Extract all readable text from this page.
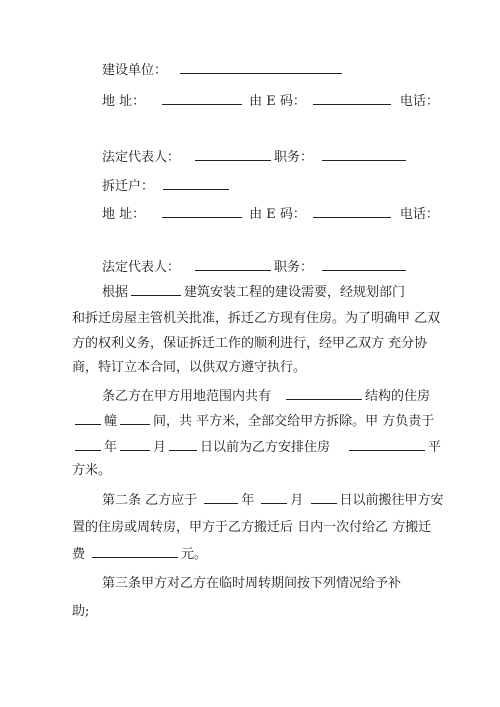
建设单位：
地 址：	由 E 码：	电话：
法定代表人：	职务：
拆迁户：
地 址：	由 E 码：	电话：
法定代表人：	职务：
根据	建筑安装工程的建设需要，经规划部门
和拆迁房屋主管机关批准，拆迁乙方现有住房。为了明确甲 乙双
方的权利义务，保证拆迁工作的顺利进行，经甲乙双方 充分协
商，特订立本合同，以供双方遵守执行。
条乙方在甲方用地范围内共有	结构的住房
幢	间，共 平方米，全部交给甲方拆除。甲 方负责于
年	月	日以前为乙方安排住房	平
方米。
第二条 乙方应于	年 月 日以前搬往甲方安
置的住房或周转房，甲方于乙方搬迁后 日内一次付给乙 方搬迁
费	元。
第三条甲方对乙方在临时周转期间按下列情况给予补
助;
